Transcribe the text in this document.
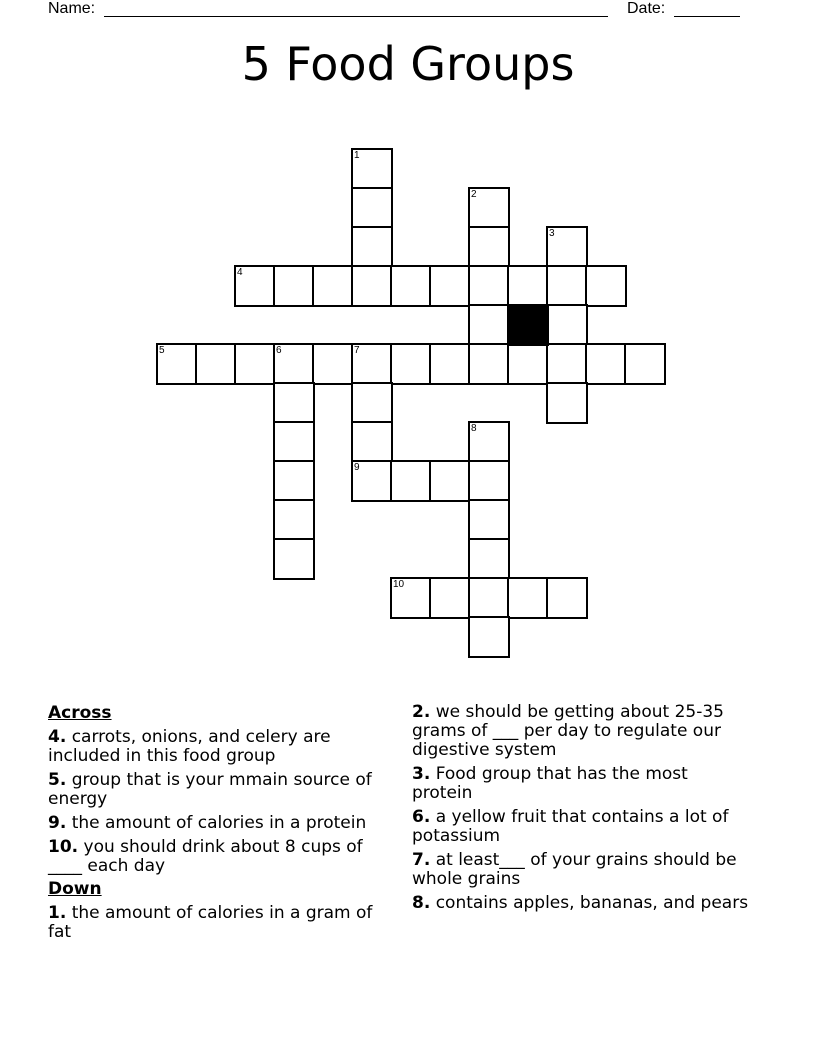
Name:	Date:
5 Food Groups
1
2
3
4
5	6	7
8
9
10
Across
4. carrots, onions, and celery are included in this food group
5. group that is your mmain source of energy
9. the amount of calories in a protein
10. you should drink about 8 cups of ____ each day
Down
1. the amount of calories in a gram of fat
2. we should be getting about 25-35 grams of ___ per day to regulate our digestive system
3. Food group that has the most protein
6. a yellow fruit that contains a lot of potassium
7. at least___ of your grains should be whole grains
8. contains apples, bananas, and pears
